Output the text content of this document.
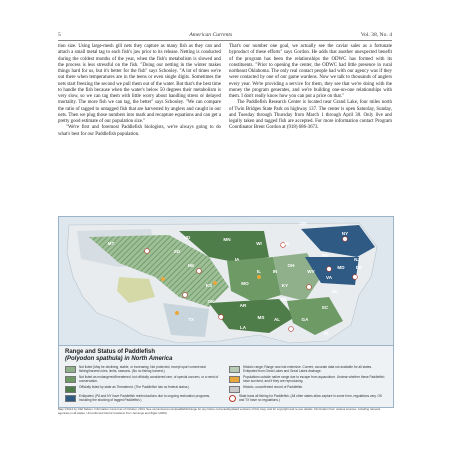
5	American Currents	Vol. 38, No. 4

tion size. Using large-mesh gill nets they capture as many fish as they can and attach a small metal tag to each fish's jaw prior to its release. Netting is conducted during the coldest months of the year, when the fish's metabolism is slowed and the process is less stressful on the fish. "Doing our netting in the winter makes things hard for us, but it's better for the fish" says Schooley. "A lot of times we're out there when temperatures are in the teens or even single digits. Sometimes the nets start freezing the second we pull them out of the water. But that's the best time to handle the fish because when the water's below 50 degrees their metabolism is very slow, so we can tag them with little worry about handling stress or delayed mortality. The more fish we can tag, the better" says Schooley. "We can compare the ratio of tagged to untagged fish that are harvested by anglers and caught in our nets. Then we plug those numbers into mark and recapture equations and can get a pretty good estimate of our population size."

"We're first and foremost Paddlefish biologists, we're always going to do what's best for our Paddlefish population.

That's our number one goal, we actually see the caviar sales as a fortunate byproduct of these efforts" says Gordon. He adds that another unexpected benefit of the program has been the relationships the ODWC has formed with its constituents. "Prior to opening the center, the ODWC had little presence in rural northeast Oklahoma. The only real contact people had with our agency was if they were contacted by one of our game wardens. Now we talk to thousands of anglers every year. We're providing a service for them, they see that we're doing with the money the program generates, and we're building one-on-one relationships with them. I don't really know how you can put a price on that."

The Paddlefish Research Center is located near Grand Lake, four miles north of Twin Bridges State Park on highway 137. The center is open Saturday, Sunday, and Tuesday through Thursday from March 1 through April 30. Only live and legally taken and tagged fish are accepted. For more information contact Program Coordinator Brent Gordon at (918) 686-3673.

MT
ND	MN
WI	MI
NY
SD
IA
IL	IN
OH
PA
NE
KS	MO	KY
WV
VA
OK
AR
TN
NC
SC
TX
LA
MS AL	GA
FL
ON
NJ
MD DE
Range and Status of Paddlefish
(Polyodon spathula) in North America
Not listed (May be declining, stable, or increasing; Not protected, except sport commercial fishing/harvest rules, limits, seasons. (No no fishing harvest.)
Not listed as endangered/threatened, but officially considered rare, of special concern, or a need of conservation.
Officially listed by state as Threatened. (The Paddlefish has no federal status.)
Extirpated. (PA and NY have Paddlefish reintroductions due to ongoing restoration programs, including the stocking of tagged Paddlefish.)
Historic range; Range now lost extensive. Current, accurate data not available for all states. Extirpated from Great Lakes and Great Lakes drainage.
Populations outside native range due to escape from aquaculture. Unclear whether these Paddlefish have survived, and if they are reproducing.
Historic, unconfirmed record of Paddlefish.
State bans all fishing for Paddlefish. (All other states allow capture in some form, regulations vary. OK and TX have no regulations.)
Map ©2014 by Olaf Nelson. Information current as of October, 2014. See nezumisoma.com/paddlefish/range for any future corrected/updated versions of this map, and for copyright and re-use details. Information from various sources, including relevant agencies in all states. Unconfirmed historic locations from Jennings and Zigler (2000).
